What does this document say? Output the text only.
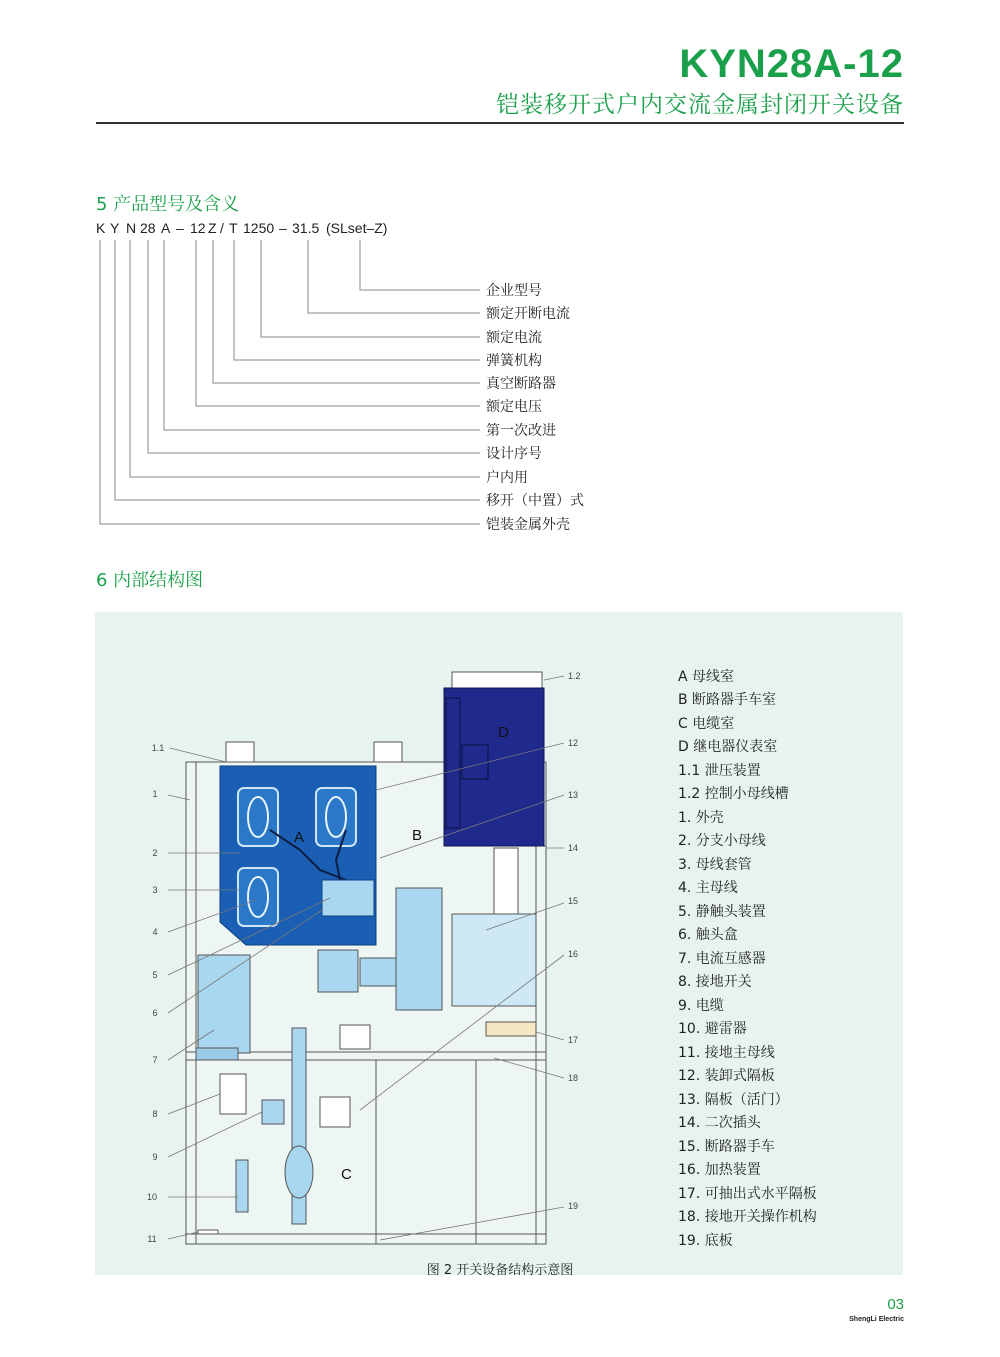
KYN28A-12
铠装移开式户内交流金属封闭开关设备
5 产品型号及含义
K Y N 28 A – 12 Z / T 1250 – 31.5 (SLset–Z)
企业型号
额定开断电流
额定电流
弹簧机构
真空断路器
额定电压
第一次改进
设计序号
户内用
移开（中置）式
铠装金属外壳
6 内部结构图
A	B
C
D
1.1
1
2
3
4
5
6
7
8
9
10
11
1.2
12
13
14
15
16
17
18
19
A 母线室
B 断路器手车室
C 电缆室
D 继电器仪表室
1.1 泄压装置
1.2 控制小母线槽
1. 外壳
2. 分支小母线
3. 母线套管
4. 主母线
5. 静触头装置
6. 触头盒
7. 电流互感器
8. 接地开关
9. 电缆
10. 避雷器
11. 接地主母线
12. 装卸式隔板
13. 隔板（活门）
14. 二次插头
15. 断路器手车
16. 加热装置
17. 可抽出式水平隔板
18. 接地开关操作机构
19. 底板
图 2 开关设备结构示意图
03
ShengLi Electric
